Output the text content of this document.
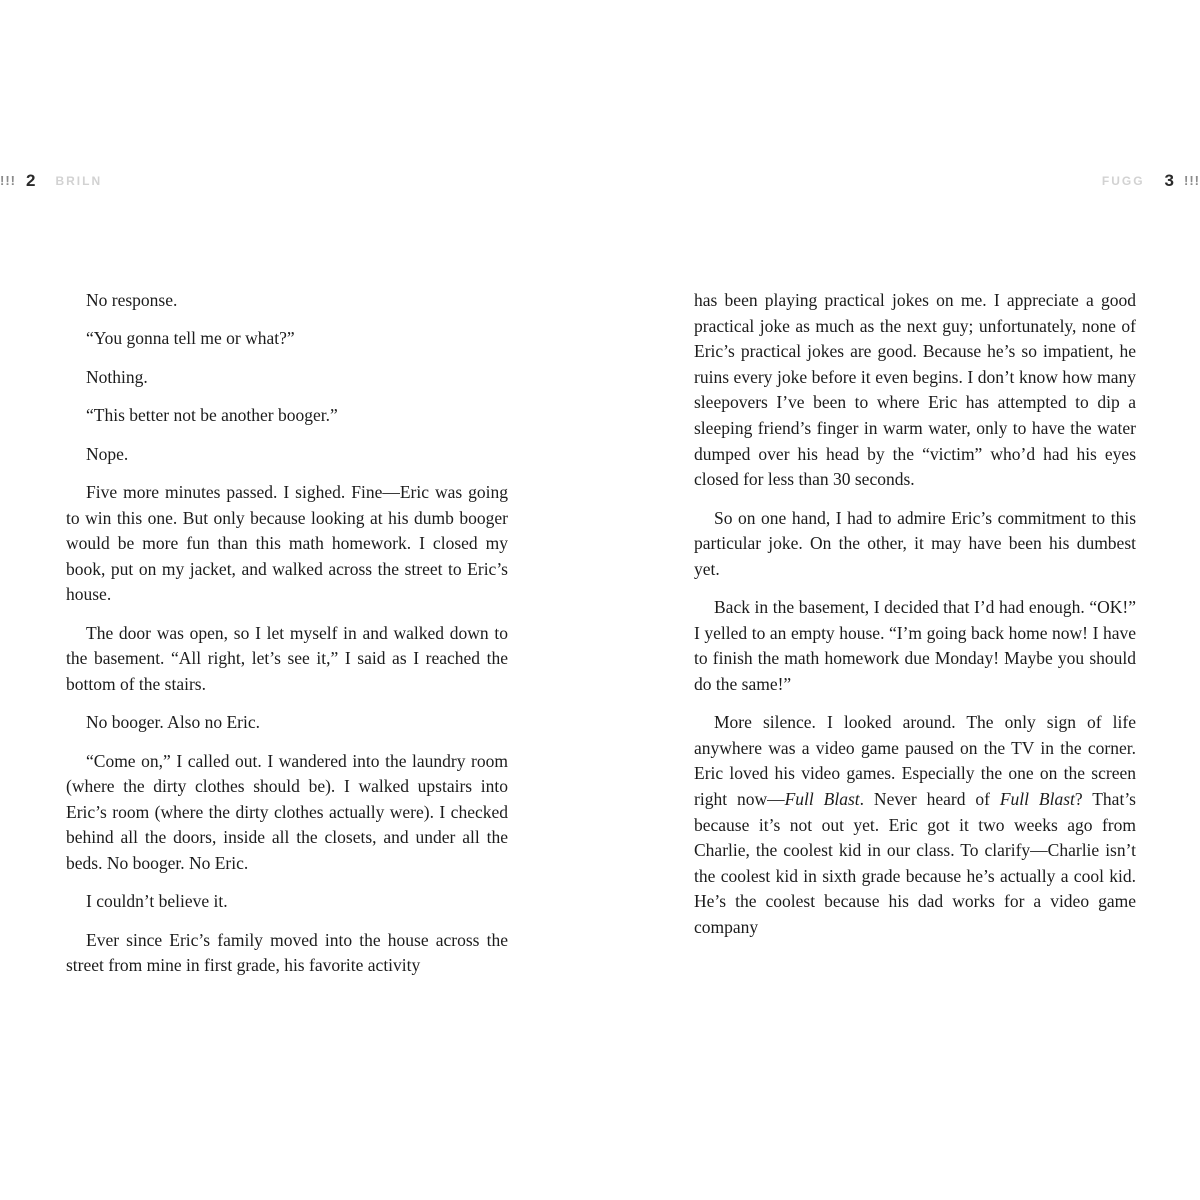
!!! 2 BRILN	FUGG 3 !!!

No response.

“You gonna tell me or what?”

Nothing.

“This better not be another booger.”

Nope.

Five more minutes passed. I sighed. Fine—Eric was going to win this one. But only because looking at his dumb booger would be more fun than this math homework. I closed my book, put on my jacket, and walked across the street to Eric’s house.

The door was open, so I let myself in and walked down to the basement. “All right, let’s see it,” I said as I reached the bottom of the stairs.

No booger. Also no Eric.

“Come on,” I called out. I wandered into the laundry room (where the dirty clothes should be). I walked upstairs into Eric’s room (where the dirty clothes actually were). I checked behind all the doors, inside all the closets, and under all the beds. No booger. No Eric.

I couldn’t believe it.

Ever since Eric’s family moved into the house across the street from mine in first grade, his favorite activity

has been playing practical jokes on me. I appreciate a good practical joke as much as the next guy; unfortunately, none of Eric’s practical jokes are good. Because he’s so impatient, he ruins every joke before it even begins. I don’t know how many sleepovers I’ve been to where Eric has attempted to dip a sleeping friend’s finger in warm water, only to have the water dumped over his head by the “victim” who’d had his eyes closed for less than 30 seconds.

So on one hand, I had to admire Eric’s commitment to this particular joke. On the other, it may have been his dumbest yet.

Back in the basement, I decided that I’d had enough. “OK!” I yelled to an empty house. “I’m going back home now! I have to finish the math homework due Monday! Maybe you should do the same!”

More silence. I looked around. The only sign of life anywhere was a video game paused on the TV in the corner. Eric loved his video games. Especially the one on the screen right now—Full Blast. Never heard of Full Blast? That’s because it’s not out yet. Eric got it two weeks ago from Charlie, the coolest kid in our class. To clarify—Charlie isn’t the coolest kid in sixth grade because he’s actually a cool kid. He’s the coolest because his dad works for a video game company
